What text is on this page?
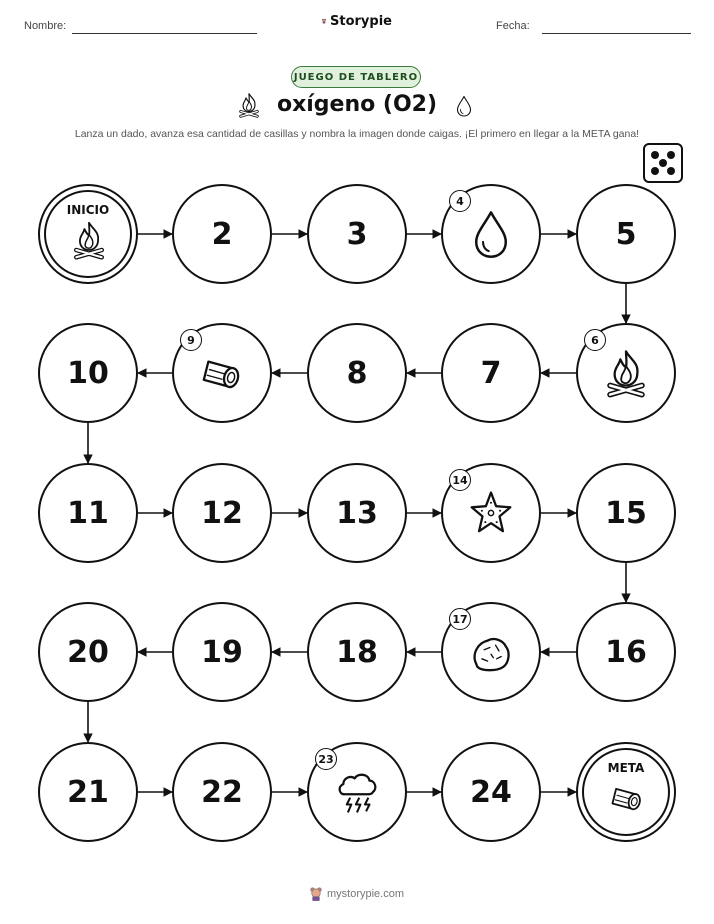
Nombre:	Storypie	Fecha:
JUEGO DE TABLERO
oxígeno (O2)
Lanza un dado, avanza esa cantidad de casillas y nombra la imagen donde caigas. ¡El primero en llegar a la META gana!
INICIO
2	3
4
5
6
7
8
9
10
11	12	13
14
15
16
17
18
19
20
21	22
23
24
META
mystorypie.com
